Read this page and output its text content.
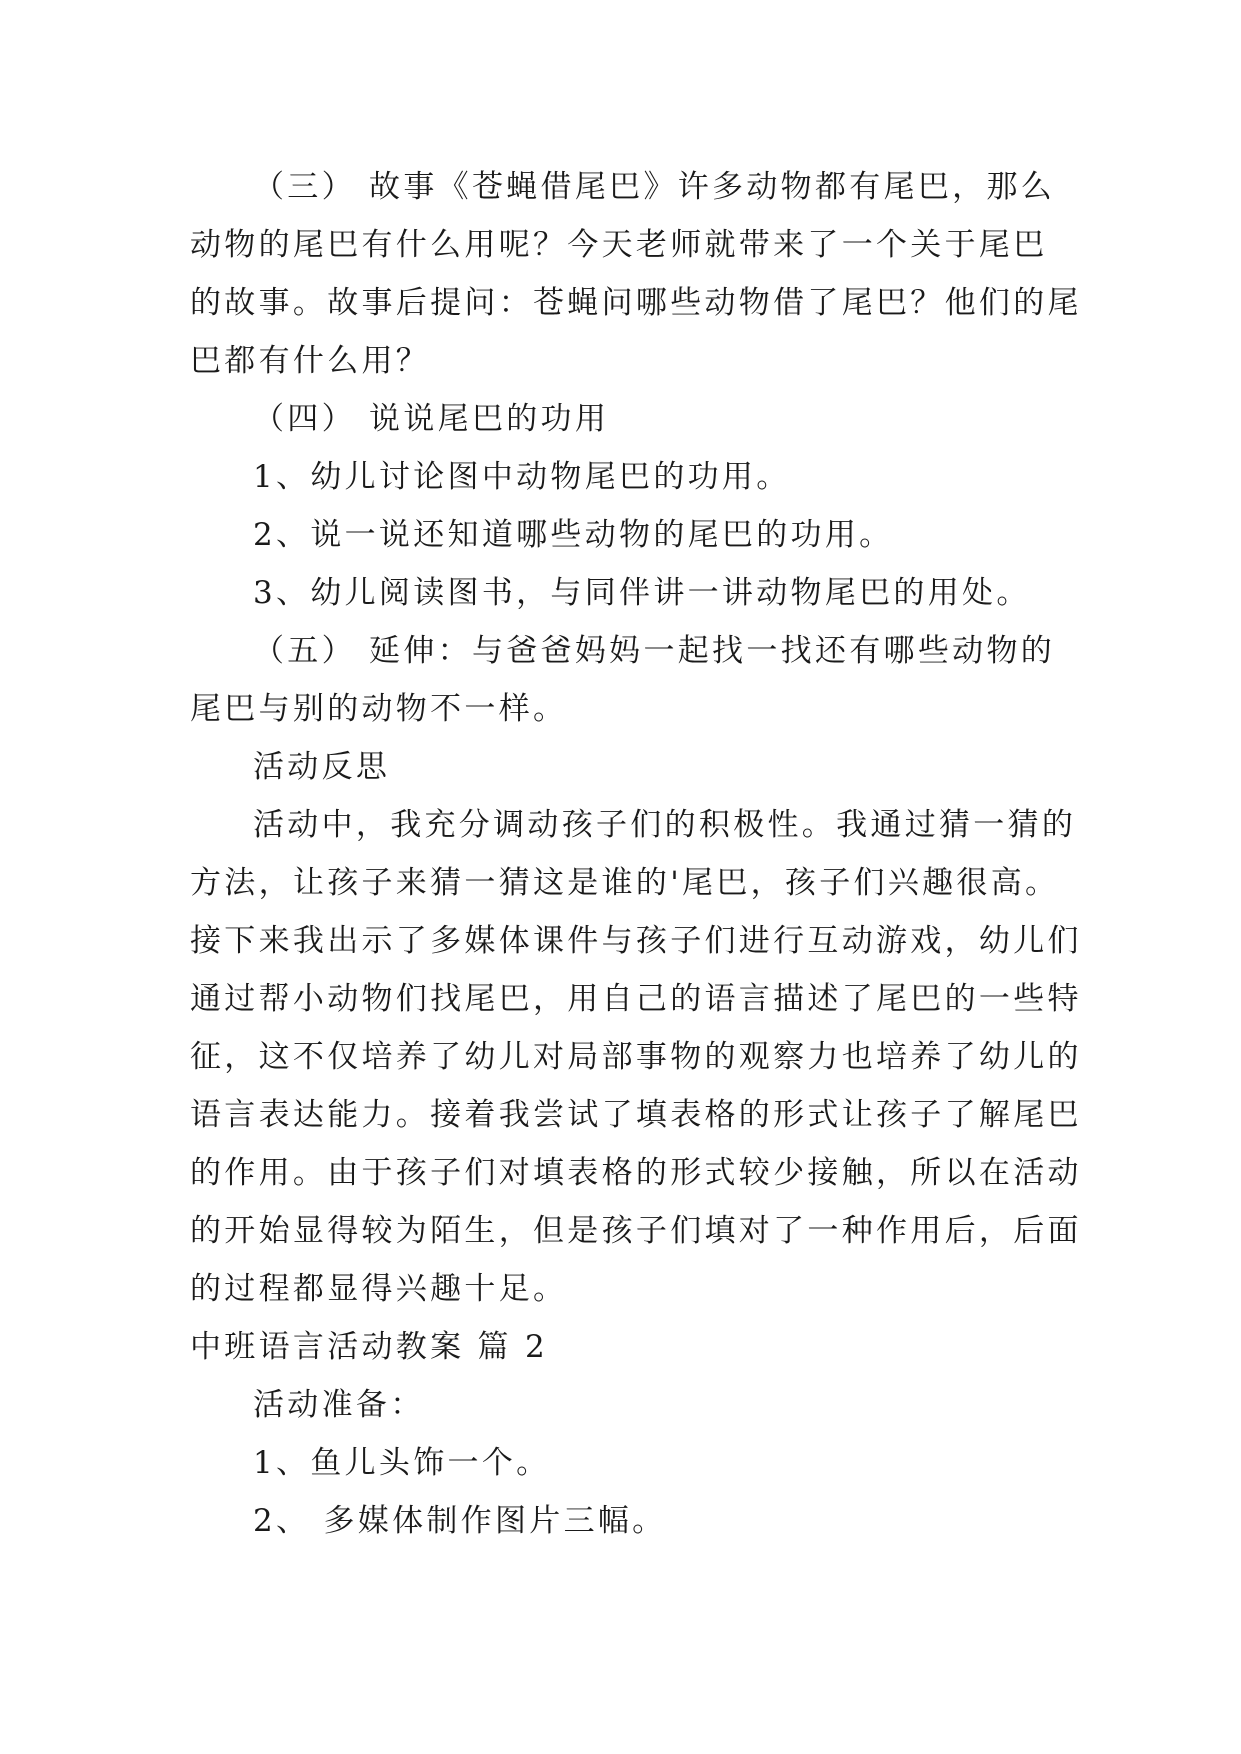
（三） 故事《苍蝇借尾巴》许多动物都有尾巴，那么
动物的尾巴有什么用呢？今天老师就带来了一个关于尾巴
的故事。故事后提问：苍蝇问哪些动物借了尾巴？他们的尾
巴都有什么用？
（四） 说说尾巴的功用
1、幼儿讨论图中动物尾巴的功用。
2、说一说还知道哪些动物的尾巴的功用。
3、幼儿阅读图书，与同伴讲一讲动物尾巴的用处。
（五） 延伸：与爸爸妈妈一起找一找还有哪些动物的
尾巴与别的动物不一样。
活动反思
活动中，我充分调动孩子们的积极性。我通过猜一猜的
方法，让孩子来猜一猜这是谁的'尾巴，孩子们兴趣很高。
接下来我出示了多媒体课件与孩子们进行互动游戏，幼儿们
通过帮小动物们找尾巴，用自己的语言描述了尾巴的一些特
征，这不仅培养了幼儿对局部事物的观察力也培养了幼儿的
语言表达能力。接着我尝试了填表格的形式让孩子了解尾巴
的作用。由于孩子们对填表格的形式较少接触，所以在活动
的开始显得较为陌生，但是孩子们填对了一种作用后，后面
的过程都显得兴趣十足。
中班语言活动教案 篇 2
活动准备：
1、鱼儿头饰一个。
2、 多媒体制作图片三幅。
